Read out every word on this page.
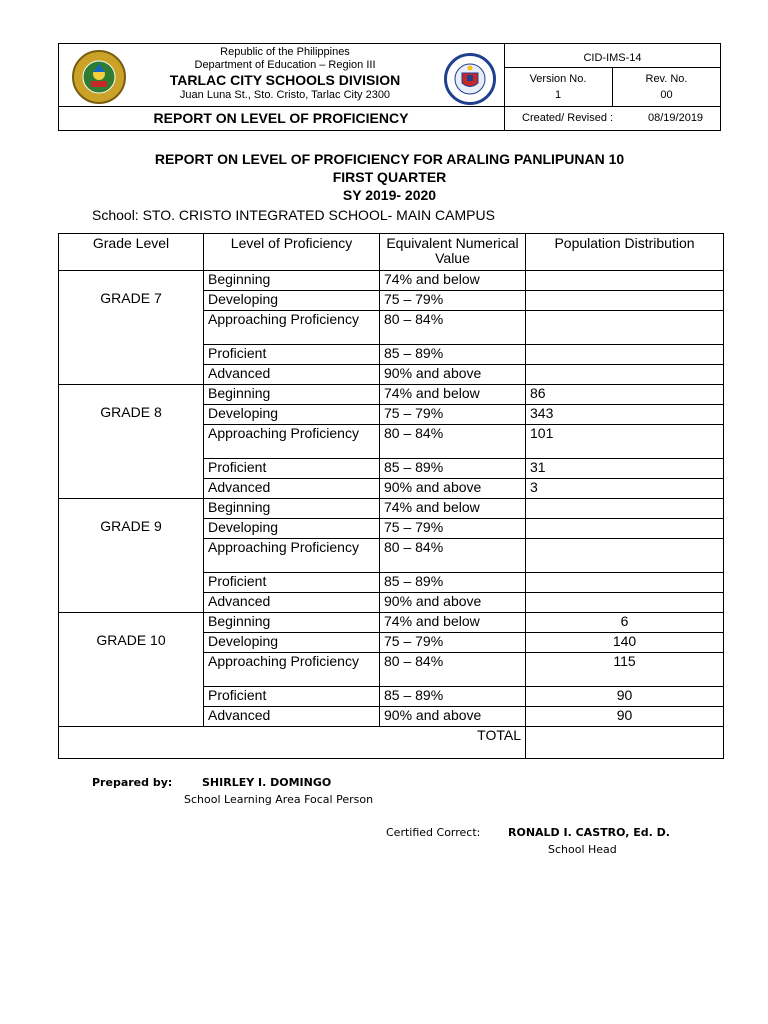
Republic of the Philippines
Department of Education – Region III
TARLAC CITY SCHOOLS DIVISION
Juan Luna St., Sto. Cristo, Tarlac City 2300
REPORT ON LEVEL OF PROFICIENCY
CID-IMS-14
Version No.
1
Rev. No.
00
Created/ Revised :	08/19/2019
REPORT ON LEVEL OF PROFICIENCY FOR ARALING PANLIPUNAN 10
FIRST QUARTER
SY 2019- 2020
School: STO. CRISTO INTEGRATED SCHOOL- MAIN CAMPUS
Grade Level	Level of Proficiency	Equivalent Numerical Value	Population Distribution
GRADE 7	Beginning	74% and below	
	Developing	75 – 79%	
	Approaching Proficiency	80 – 84%	
	Proficient	85 – 89%	
	Advanced	90% and above	
GRADE 8	Beginning	74% and below	86
	Developing	75 – 79%	343
	Approaching Proficiency	80 – 84%	101
	Proficient	85 – 89%	31
	Advanced	90% and above	3
GRADE 9	Beginning	74% and below	
	Developing	75 – 79%	
	Approaching Proficiency	80 – 84%	
	Proficient	85 – 89%	
	Advanced	90% and above	
GRADE 10	Beginning	74% and below	6
	Developing	75 – 79%	140
	Approaching Proficiency	80 – 84%	115
	Proficient	85 – 89%	90
	Advanced	90% and above	90
TOTAL			
Prepared by:	SHIRLEY I. DOMINGO
School Learning Area Focal Person
Certified Correct:	RONALD I. CASTRO, Ed. D.
School Head
